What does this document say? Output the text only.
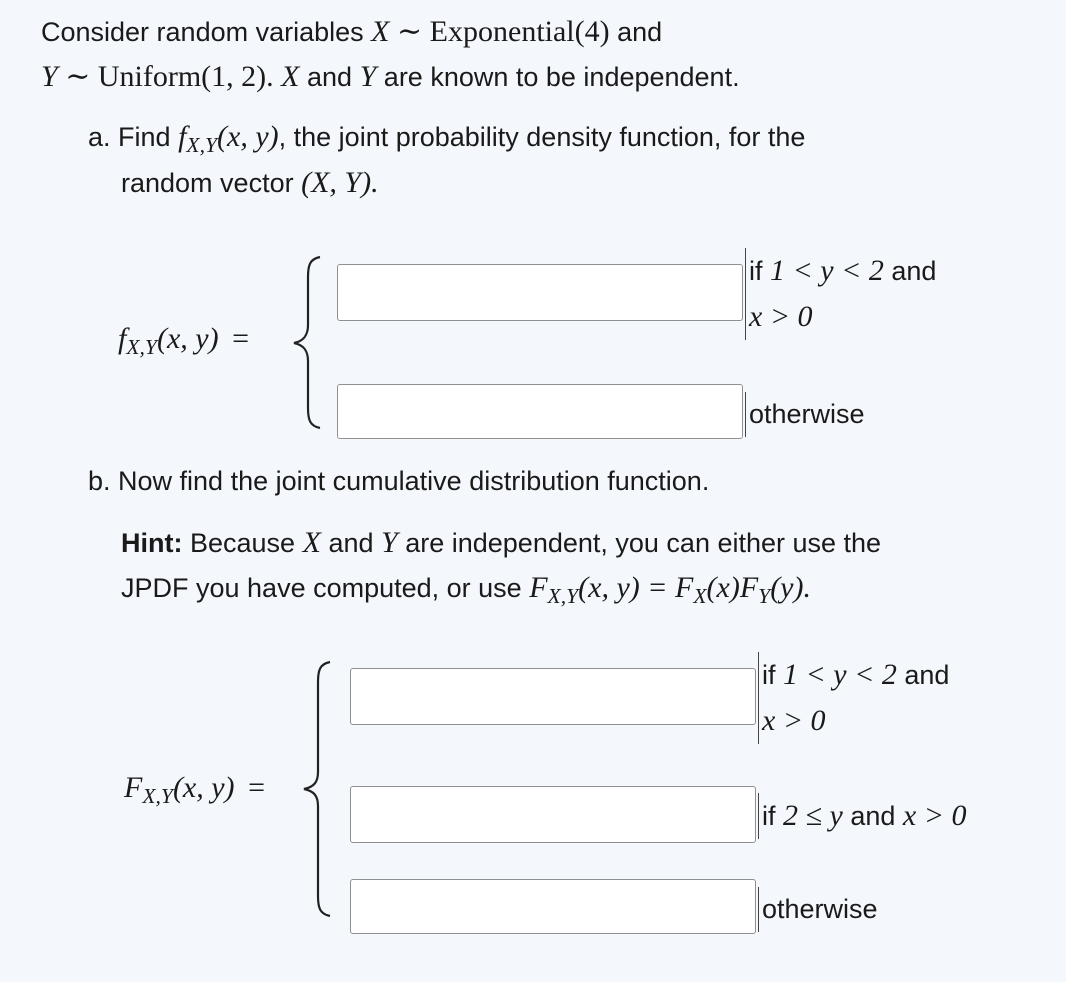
Consider random variables X ∼ Exponential(4) and
Y ∼ Uniform(1, 2). X and Y are known to be independent.
a. Find $f_{X,Y}(x$, y), the joint probability density function, for the
random vector (X, Y).
$f_{X,Y}(x$, y) =
if 1 < y < 2 and
x > 0
otherwise
b. Now find the joint cumulative distribution function.
Hint: Because X and Y are independent, you can either use the
JPDF you have computed, or use $F_{X,Y}(x$, $y) = F_X(x)F_Y(y)$.
$F_{X,Y}(x$, y) =
if 1 < y < 2 and
x > 0
if 2 ≤ y and x > 0
otherwise
